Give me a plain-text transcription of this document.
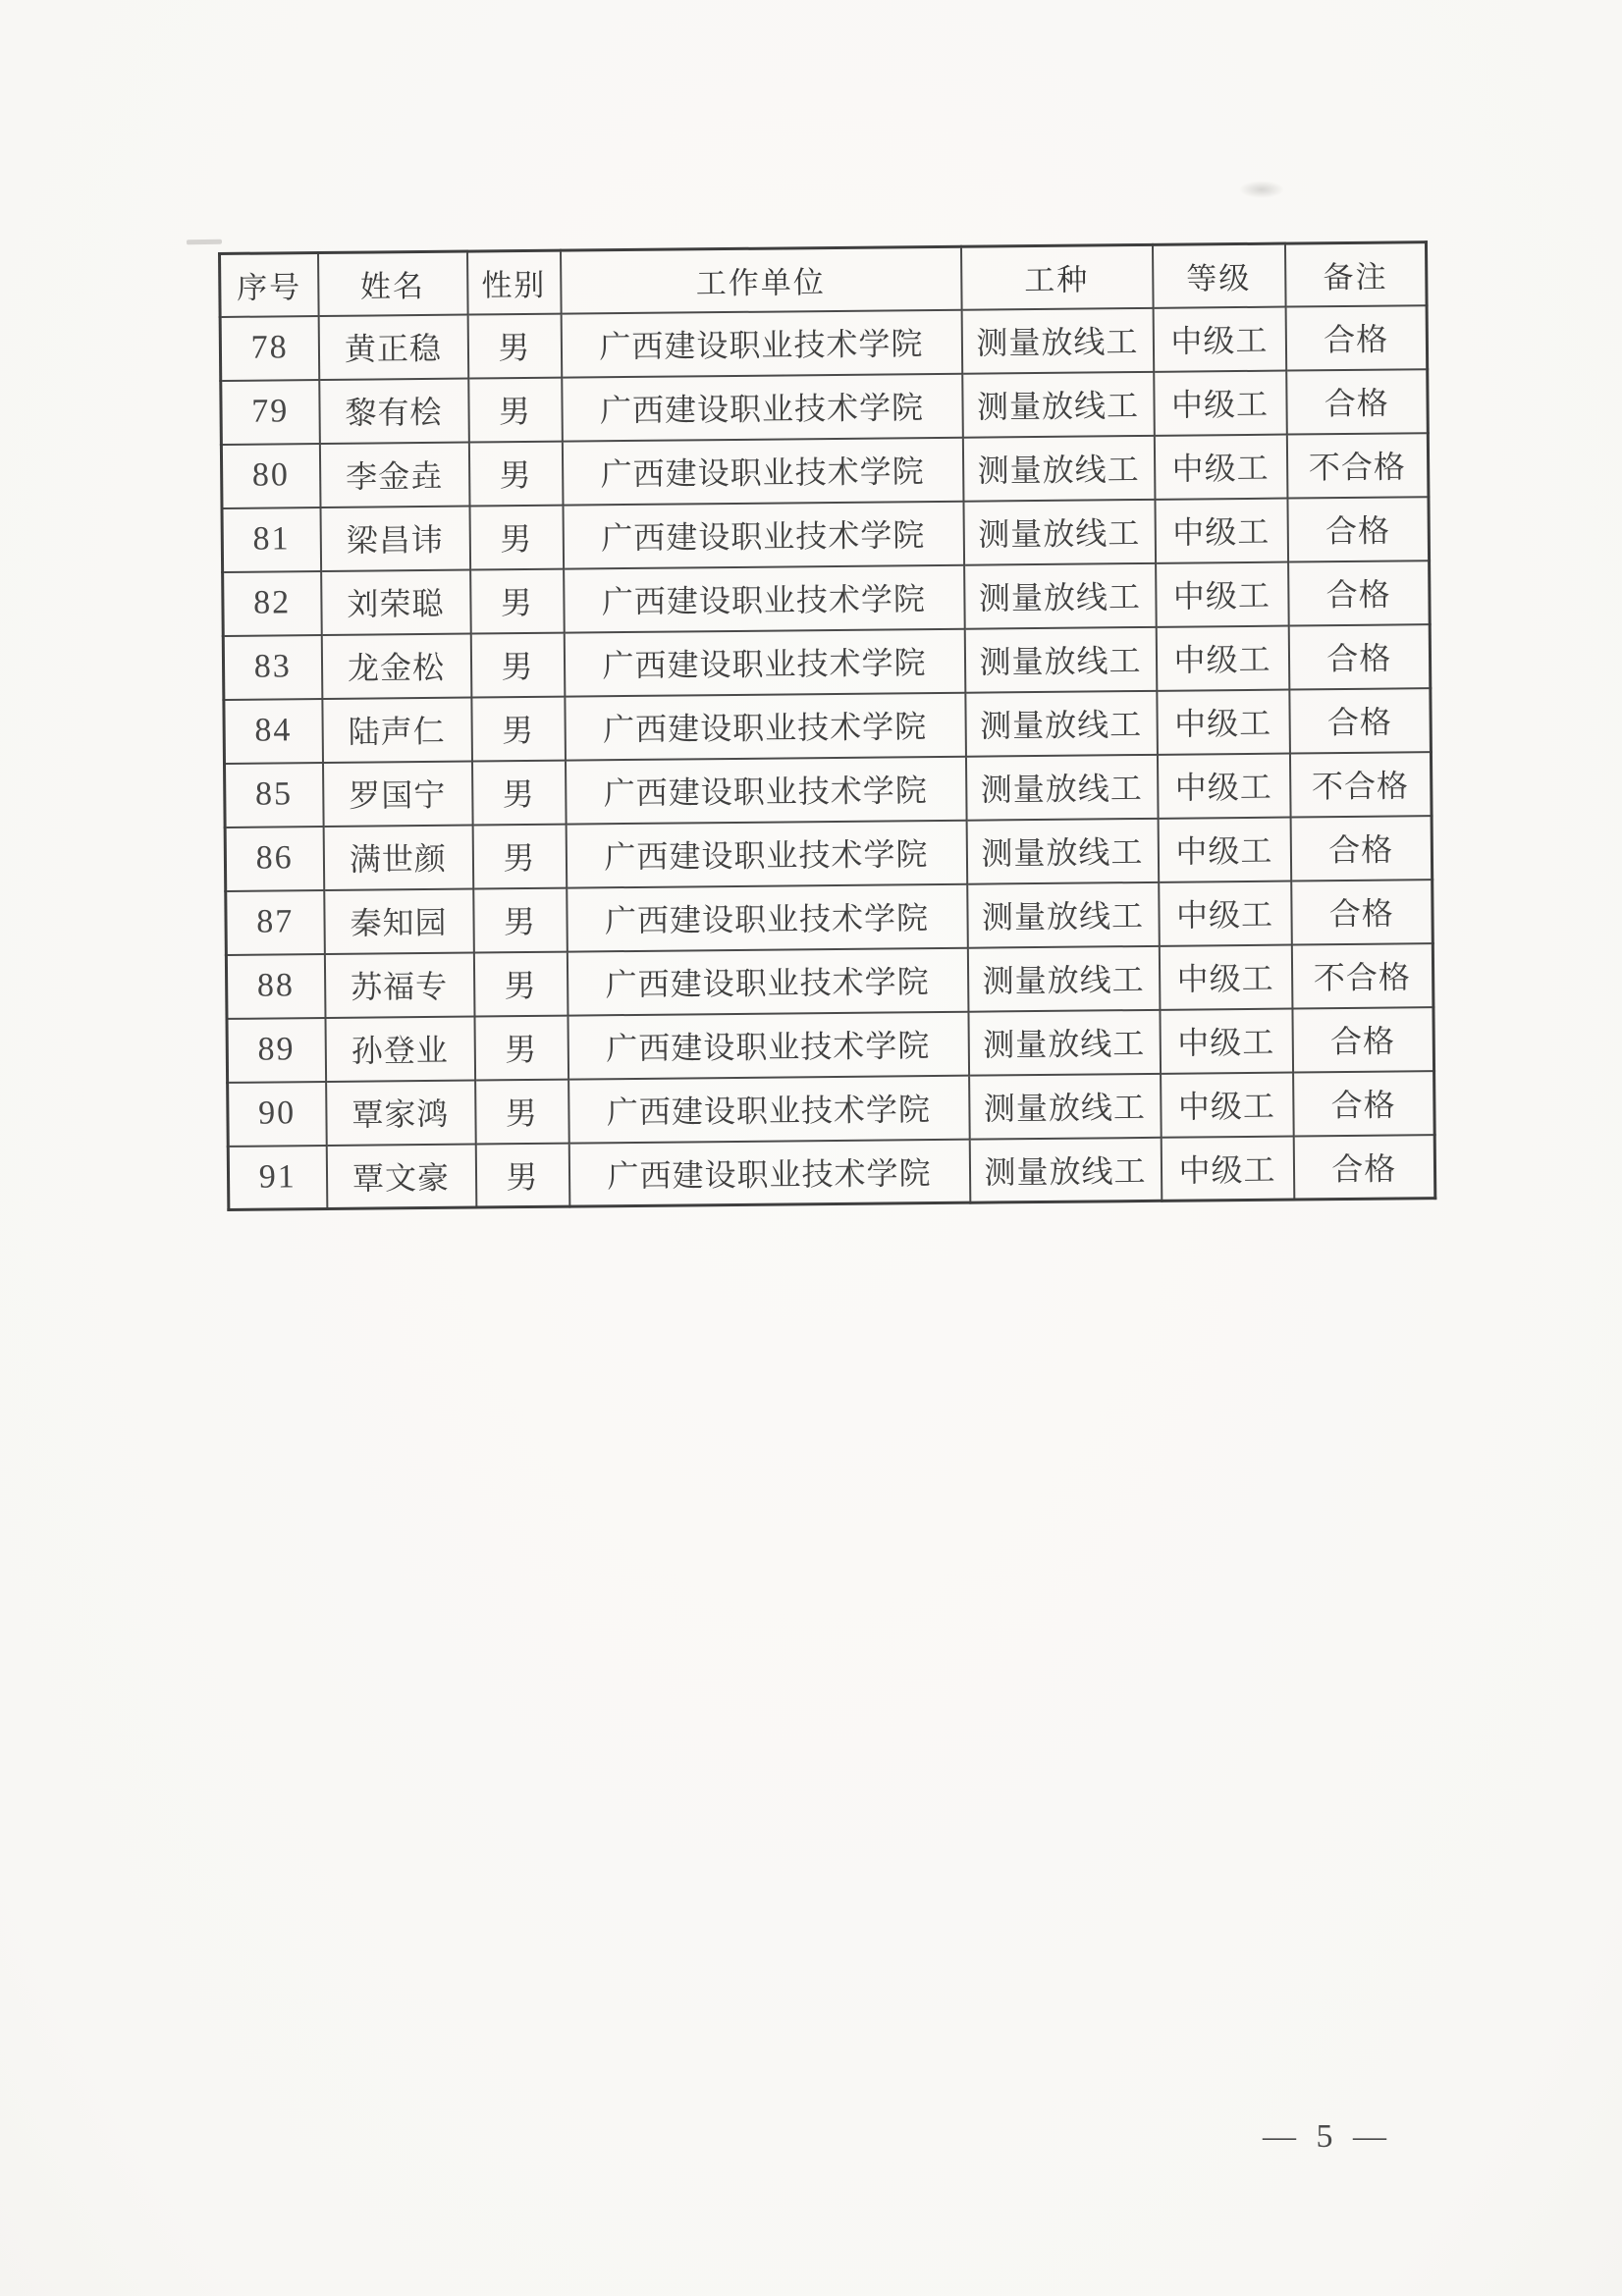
序号	姓名	性别	工作单位	工种	等级	备注
78	黄正稳	男	广西建设职业技术学院	测量放线工	中级工	合格
79	黎有桧	男	广西建设职业技术学院	测量放线工	中级工	合格
80	李金垚	男	广西建设职业技术学院	测量放线工	中级工	不合格
81	梁昌讳	男	广西建设职业技术学院	测量放线工	中级工	合格
82	刘荣聪	男	广西建设职业技术学院	测量放线工	中级工	合格
83	龙金松	男	广西建设职业技术学院	测量放线工	中级工	合格
84	陆声仁	男	广西建设职业技术学院	测量放线工	中级工	合格
85	罗国宁	男	广西建设职业技术学院	测量放线工	中级工	不合格
86	满世颜	男	广西建设职业技术学院	测量放线工	中级工	合格
87	秦知园	男	广西建设职业技术学院	测量放线工	中级工	合格
88	苏福专	男	广西建设职业技术学院	测量放线工	中级工	不合格
89	孙登业	男	广西建设职业技术学院	测量放线工	中级工	合格
90	覃家鸿	男	广西建设职业技术学院	测量放线工	中级工	合格
91	覃文豪	男	广西建设职业技术学院	测量放线工	中级工	合格
— 5 —
